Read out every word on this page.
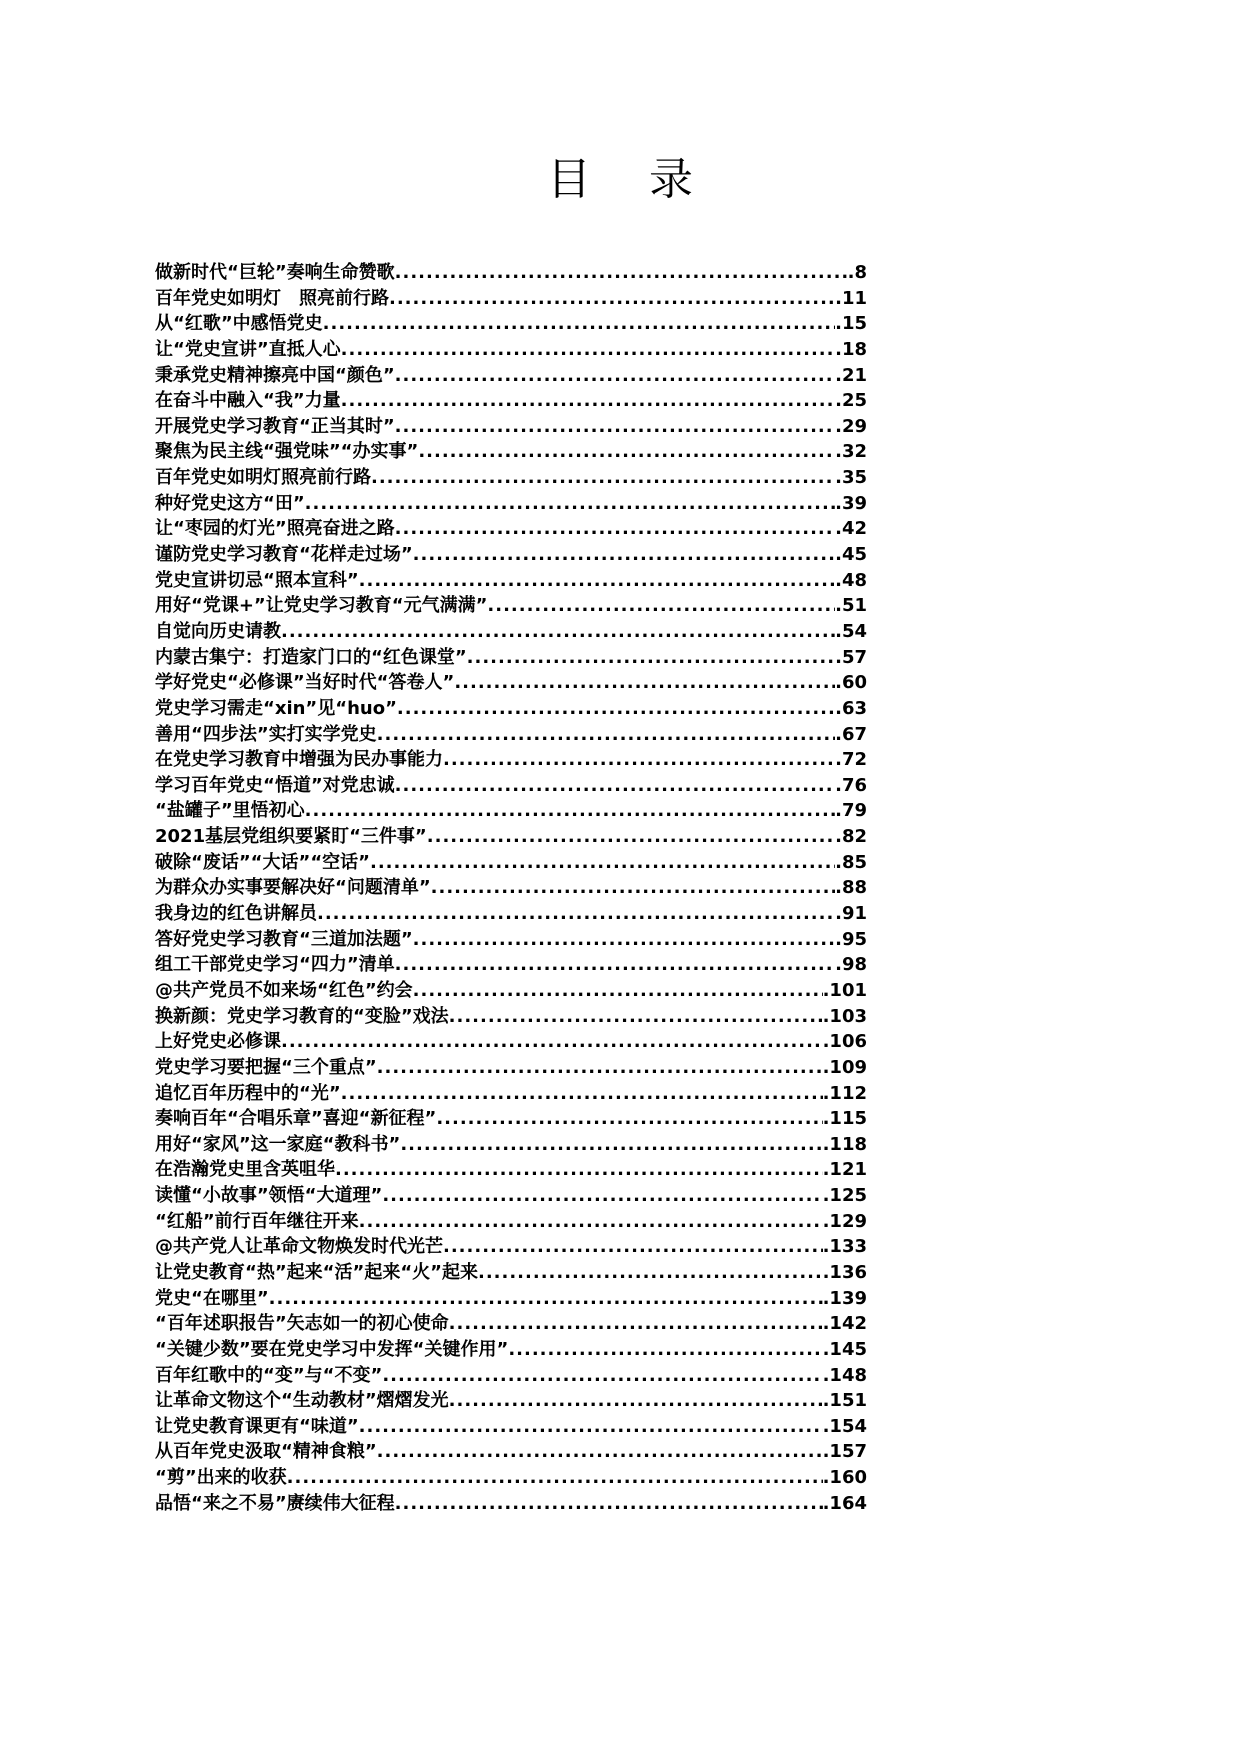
目 录
做新时代“巨轮”奏响生命赞歌 .....	.8
百年党史如明灯　照亮前行路 .....	.11
从“红歌”中感悟党史 .....	.15
让“党史宣讲”直抵人心 .....	.18
秉承党史精神擦亮中国“颜色” .....	.21
在奋斗中融入“我”力量 .....	.25
开展党史学习教育“正当其时” .....	.29
聚焦为民主线“强党味”“办实事” .....	.32
百年党史如明灯照亮前行路 .....	.35
种好党史这方“田” .....	.39
让“枣园的灯光”照亮奋进之路 .....	.42
谨防党史学习教育“花样走过场” .....	.45
党史宣讲切忌“照本宣科” .....	.48
用好“党课+”让党史学习教育“元气满满” .....	.51
自觉向历史请教 .....	.54
内蒙古集宁：打造家门口的“红色课堂” .....	.57
学好党史“必修课”当好时代“答卷人” .....	.60
党史学习需走“xin”见“huo” .....	.63
善用“四步法”实打实学党史 .....	.67
在党史学习教育中增强为民办事能力 .....	.72
学习百年党史“悟道”对党忠诚 .....	.76
“盐罐子”里悟初心 .....	.79
2021基层党组织要紧盯“三件事” .....	.82
破除“废话”“大话”“空话” .....	.85
为群众办实事要解决好“问题清单” .....	.88
我身边的红色讲解员 .....	.91
答好党史学习教育“三道加法题” .....	.95
组工干部党史学习“四力”清单 .....	.98
@共产党员不如来场“红色”约会 .....	.101
换新颜：党史学习教育的“变脸”戏法 .....	.103
上好党史必修课 .....	.106
党史学习要把握“三个重点” .....	.109
追忆百年历程中的“光” .....	.112
奏响百年“合唱乐章”喜迎“新征程” .....	.115
用好“家风”这一家庭“教科书” .....	.118
在浩瀚党史里含英咀华 .....	.121
读懂“小故事”领悟“大道理” .....	.125
“红船”前行百年继往开来 .....	.129
@共产党人让革命文物焕发时代光芒 .....	.133
让党史教育“热”起来“活”起来“火”起来 .....	.136
党史“在哪里” .....	.139
“百年述职报告”矢志如一的初心使命 .....	.142
“关键少数”要在党史学习中发挥“关键作用” .....	.145
百年红歌中的“变”与“不变” .....	.148
让革命文物这个“生动教材”熠熠发光 .....	.151
让党史教育课更有“味道” .....	.154
从百年党史汲取“精神食粮” .....	.157
“剪”出来的收获 .....	.160
品悟“来之不易”赓续伟大征程 .....	.164
